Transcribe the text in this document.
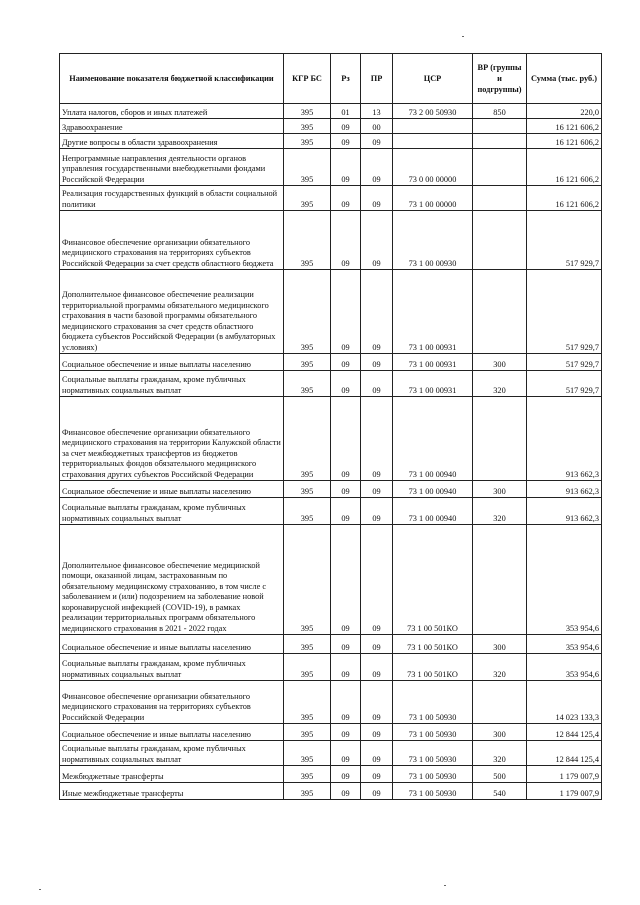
Наименование показателя бюджетной классификации	КГР БС	Рз	ПР	ЦСР	ВР (группы и подгруппы)	Сумма (тыс. руб.)
Уплата налогов, сборов и иных платежей	395	01	13	73 2 00 50930	850	220,0
Здравоохранение	395	09	00			16 121 606,2
Другие вопросы в области здравоохранения	395	09	09			16 121 606,2
Непрограммные направления деятельности органов управления государственными внебюджетными фондами Российской Федерации	395	09	09	73 0 00 00000		16 121 606,2
Реализация государственных функций в области социальной политики	395	09	09	73 1 00 00000		16 121 606,2
Финансовое обеспечение организации обязательного медицинского страхования на территориях субъектов Российской Федерации за счет средств областного бюджета	395	09	09	73 1 00 00930		517 929,7
Дополнительное финансовое обеспечение реализации территориальной программы обязательного медицинского страхования в части базовой программы обязательного медицинского страхования за счет средств областного бюджета субъектов Российской Федерации (в амбулаторных условиях)	395	09	09	73 1 00 00931		517 929,7
Социальное обеспечение и иные выплаты населению	395	09	09	73 1 00 00931	300	517 929,7
Социальные выплаты гражданам, кроме публичных нормативных социальных выплат	395	09	09	73 1 00 00931	320	517 929,7
Финансовое обеспечение организации обязательного медицинского страхования на территории Калужской области за счет межбюджетных трансфертов из бюджетов территориальных фондов обязательного медицинского страхования других субъектов Российской Федерации	395	09	09	73 1 00 00940		913 662,3
Социальное обеспечение и иные выплаты населению	395	09	09	73 1 00 00940	300	913 662,3
Социальные выплаты гражданам, кроме публичных нормативных социальных выплат	395	09	09	73 1 00 00940	320	913 662,3
Дополнительное финансовое обеспечение медицинской помощи, оказанной лицам, застрахованным по обязательному медицинскому страхованию, в том числе с заболеванием и (или) подозрением на заболевание новой коронавирусной инфекцией (COVID-19), в рамках реализации территориальных программ обязательного медицинского страхования в 2021 - 2022 годах	395	09	09	73 1 00 501КО		353 954,6
Социальное обеспечение и иные выплаты населению	395	09	09	73 1 00 501КО	300	353 954,6
Социальные выплаты гражданам, кроме публичных нормативных социальных выплат	395	09	09	73 1 00 501КО	320	353 954,6
Финансовое обеспечение организации обязательного медицинского страхования на территориях субъектов Российской Федерации	395	09	09	73 1 00 50930		14 023 133,3
Социальное обеспечение и иные выплаты населению	395	09	09	73 1 00 50930	300	12 844 125,4
Социальные выплаты гражданам, кроме публичных нормативных социальных выплат	395	09	09	73 1 00 50930	320	12 844 125,4
Межбюджетные трансферты	395	09	09	73 1 00 50930	500	1 179 007,9
Иные межбюджетные трансферты	395	09	09	73 1 00 50930	540	1 179 007,9
